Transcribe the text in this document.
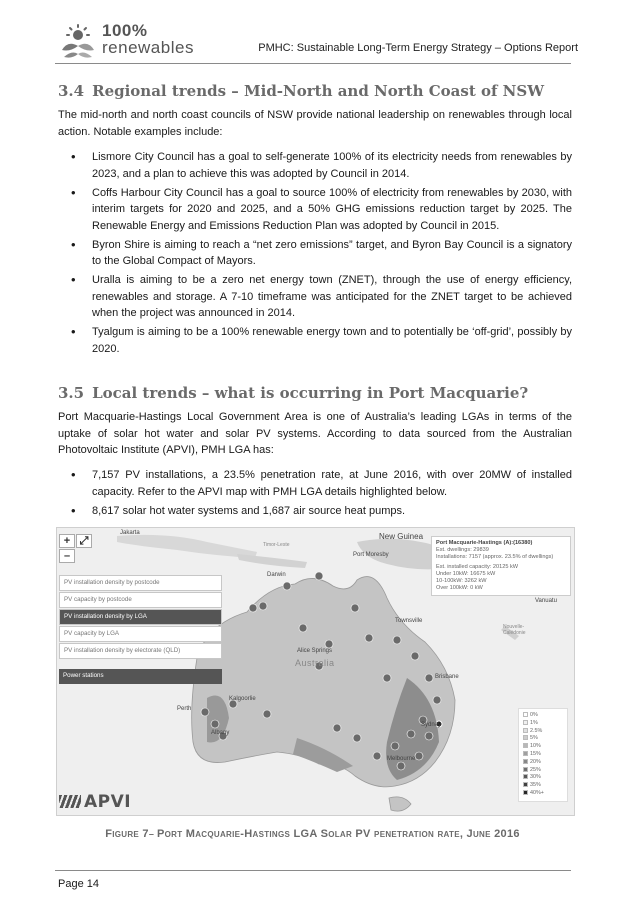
100%
renewables	PMHC: Sustainable Long-Term Energy Strategy – Options Report
3.4 Regional trends – Mid-North and North Coast of NSW

The mid-north and north coast councils of NSW provide national leadership on renewables through local action. Notable examples include:

• Lismore City Council has a goal to self-generate 100% of its electricity needs from renewables by 2023, and a plan to achieve this was adopted by Council in 2014.
• Coffs Harbour City Council has a goal to source 100% of electricity from renewables by 2030, with interim targets for 2020 and 2025, and a 50% GHG emissions reduction target by 2025. The Renewable Energy and Emissions Reduction Plan was adopted by Council in 2015.
• Byron Shire is aiming to reach a “net zero emissions” target, and Byron Bay Council is a signatory to the Global Compact of Mayors.
• Uralla is aiming to be a zero net energy town (ZNET), through the use of energy efficiency, renewables and storage. A 7-10 timeframe was anticipated for the ZNET target to be achieved when the project was announced in 2014.
• Tyalgum is aiming to be a 100% renewable energy town and to potentially be ‘off-grid’, possibly by 2020.
3.5 Local trends – what is occurring in Port Macquarie?

Port Macquarie-Hastings Local Government Area is one of Australia’s leading LGAs in terms of the uptake of solar hot water and solar PV systems. According to data sourced from the Australian Photovoltaic Institute (APVI), PMH LGA has:

• 7,157 PV installations, a 23.5% penetration rate, at June 2016, with over 20MW of installed capacity. Refer to the APVI map with PMH LGA details highlighted below.
• 8,617 solar hot water systems and 1,687 air source heat pumps.
+ ⤢
–
PV installation density by postcode
PV capacity by postcode
PV installation density by LGA
PV capacity by LGA
PV installation density by electorate (QLD)
Power stations
Jakarta
Timor-Leste
New Guinea
Port Moresby
Darwin
Townsville
Alice Springs
Australia
Brisbane
Perth
Kalgoorlie
Albany
Sydney
Melbourne
Vanuatu
Nouvelle-Calédonie
Port Macquarie-Hastings (A):(16380)
Est. dwellings: 29839
Installations: 7157 (approx. 23.5% of dwellings)
Est. installed capacity: 20125 kW
Under 10kW: 16675 kW
10-100kW: 3262 kW
Over 100kW: 0 kW
0%
1%
2.5%
5%
10%
15%
20%
25%
30%
35%
40%+
APVI
Figure 7– Port Macquarie-Hastings LGA Solar PV penetration rate, June 2016
Page 14
